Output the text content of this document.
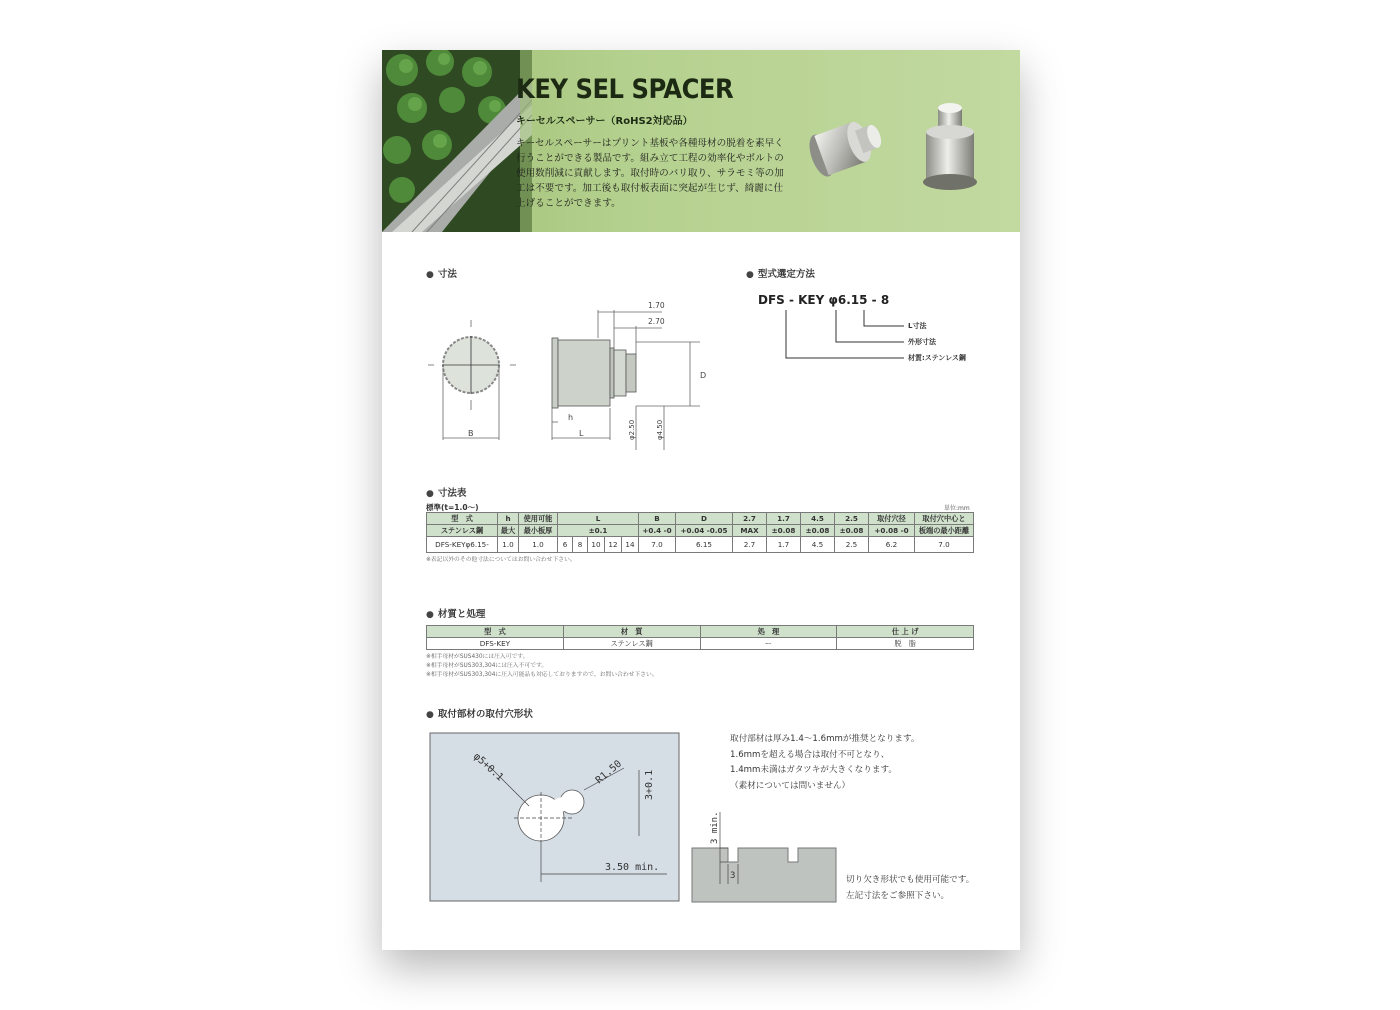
KEY SEL SPACER
キーセルスペーサー（RoHS2対応品）
キーセルスペーサーはプリント基板や各種母材の脱着を素早く行うことができる製品です。組み立て工程の効率化やボルトの使用数削減に貢献します。取付時のバリ取り、サラモミ等の加工は不要です。加工後も取付板表面に突起が生じず、綺麗に仕上げることができます。
● 寸法
1.70
2.70
D
B
h
L	φ2.50	φ4.50
● 型式選定方法
DFS - KEY φ6.15 - 8
L寸法
外形寸法
材質:ステンレス鋼
● 寸法表
標準(t=1.0〜)	単位:mm
型　式	h	使用可能	L					B	D	2.7	1.7	4.5	2.5	取付穴径	取付穴中心と
ステンレス鋼	最大	最小板厚	±0.1					+0.4 -0	+0.04 -0.05	MAX	±0.08	±0.08	±0.08	+0.08 -0	板端の最小距離
DFS-KEYφ6.15-	1.0	1.0	6	8	10	12	14	7.0	6.15	2.7	1.7	4.5	2.5	6.2	7.0
※表記以外のその他寸法についてはお問い合わせ下さい。
● 材質と処理
型　式	材　質	処　理	仕 上 げ
DFS-KEY	ステンレス鋼	ー	脱　脂
※相手母材がSUS430には圧入可です。
※相手母材がSUS303,304には圧入不可です。
※相手母材がSUS303,304に圧入可能品も対応しておりますので、お問い合わせ下さい。
● 取付部材の取付穴形状
φ5+0.1	R1.50 3+0.1
3.50 min.
取付部材は厚み1.4〜1.6mmが推奨となります。
1.6mmを超える場合は取付不可となり、
1.4mm未満はガタツキが大きくなります。
（素材については問いません）
3 min.
3	切り欠き形状でも使用可能です。
左記寸法をご参照下さい。
